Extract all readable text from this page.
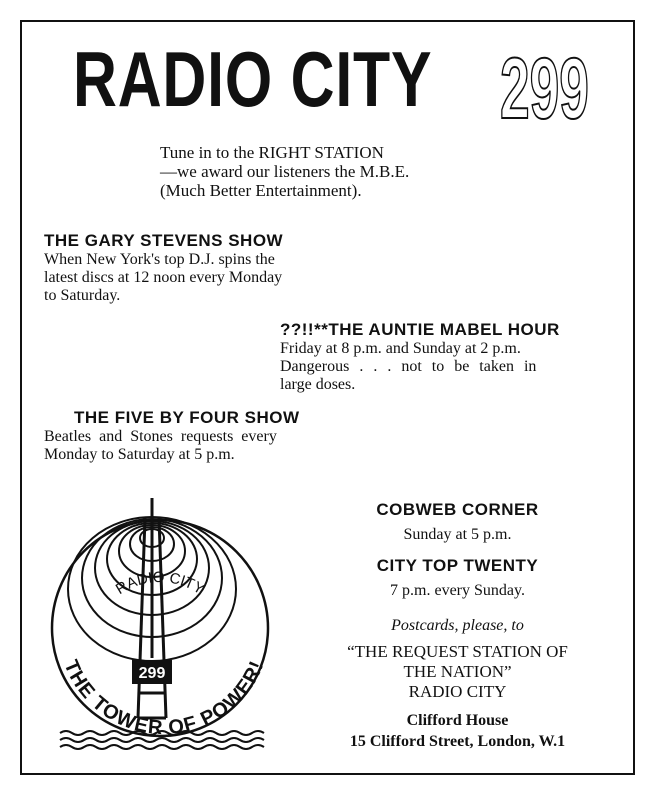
RADIO CITY 299
Tune in to the RIGHT STATION
—we award our listeners the M.B.E.
(Much Better Entertainment).
THE GARY STEVENS SHOW
When New York's top D.J. spins the
latest discs at 12 noon every Monday
to Saturday.
??!!**THE AUNTIE MABEL HOUR
Friday at 8 p.m. and Sunday at 2 p.m.
Dangerous . . . not to be taken in
large doses.
THE FIVE BY FOUR SHOW
Beatles and Stones requests every
Monday to Saturday at 5 p.m.
COBWEB CORNER
Sunday at 5 p.m.
CITY TOP TWENTY
7 p.m. every Sunday.
Postcards, please, to
“THE REQUEST STATION OF
THE NATION”
RADIO CITY
Clifford House
15 Clifford Street, London, W.1
RADIO CITY
299
THE TOWER OF POWER!
